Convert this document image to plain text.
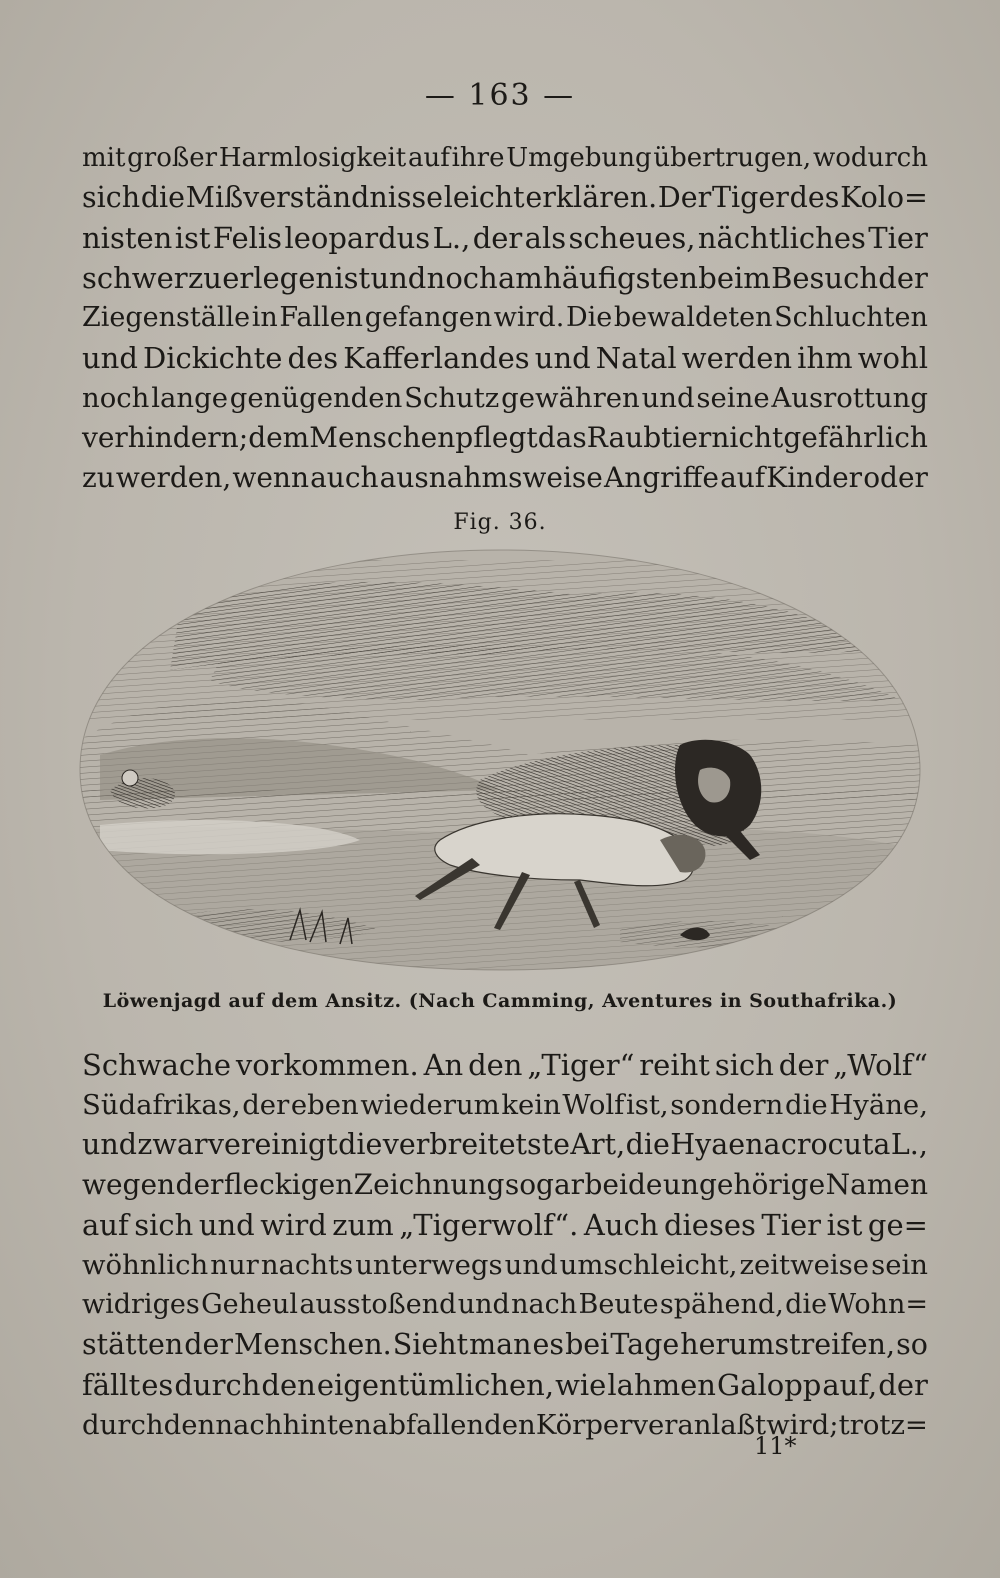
— 163 —
mit großer Harmlosigkeit auf ihre Umgebung übertrugen, wodurch
sich die Mißverständnisse leicht erklären. Der Tiger des Kolo=
nisten ist Felis leopardus L., der als scheues, nächtliches Tier
schwer zu erlegen ist und noch am häufigsten beim Besuch der
Ziegenställe in Fallen gefangen wird. Die bewaldeten Schluchten
und Dickichte des Kafferlandes und Natal werden ihm wohl
noch lange genügenden Schutz gewähren und seine Ausrottung
verhindern; dem Menschen pflegt das Raubtier nicht gefährlich
zu werden, wenn auch ausnahmsweise Angriffe auf Kinder oder
Fig. 36.
Löwenjagd auf dem Ansitz. (Nach Camming, Aventures in Southafrika.)
Schwache vorkommen. An den „Tiger“ reiht sich der „Wolf“
Südafrikas, der eben wiederum kein Wolf ist, sondern die Hyäne,
und zwar vereinigt die verbreitetste Art, die Hyaena crocuta L.,
wegen der fleckigen Zeichnung sogar beide ungehörige Namen
auf sich und wird zum „Tigerwolf“. Auch dieses Tier ist ge=
wöhnlich nur nachts unterwegs und umschleicht, zeitweise sein
widriges Geheul ausstoßend und nach Beute spähend, die Wohn=
stätten der Menschen. Sieht man es bei Tage herumstreifen, so
fällt es durch den eigentümlichen, wie lahmen Galopp auf, der
durch den nach hinten abfallenden Körper veranlaßt wird; trotz=
11*
